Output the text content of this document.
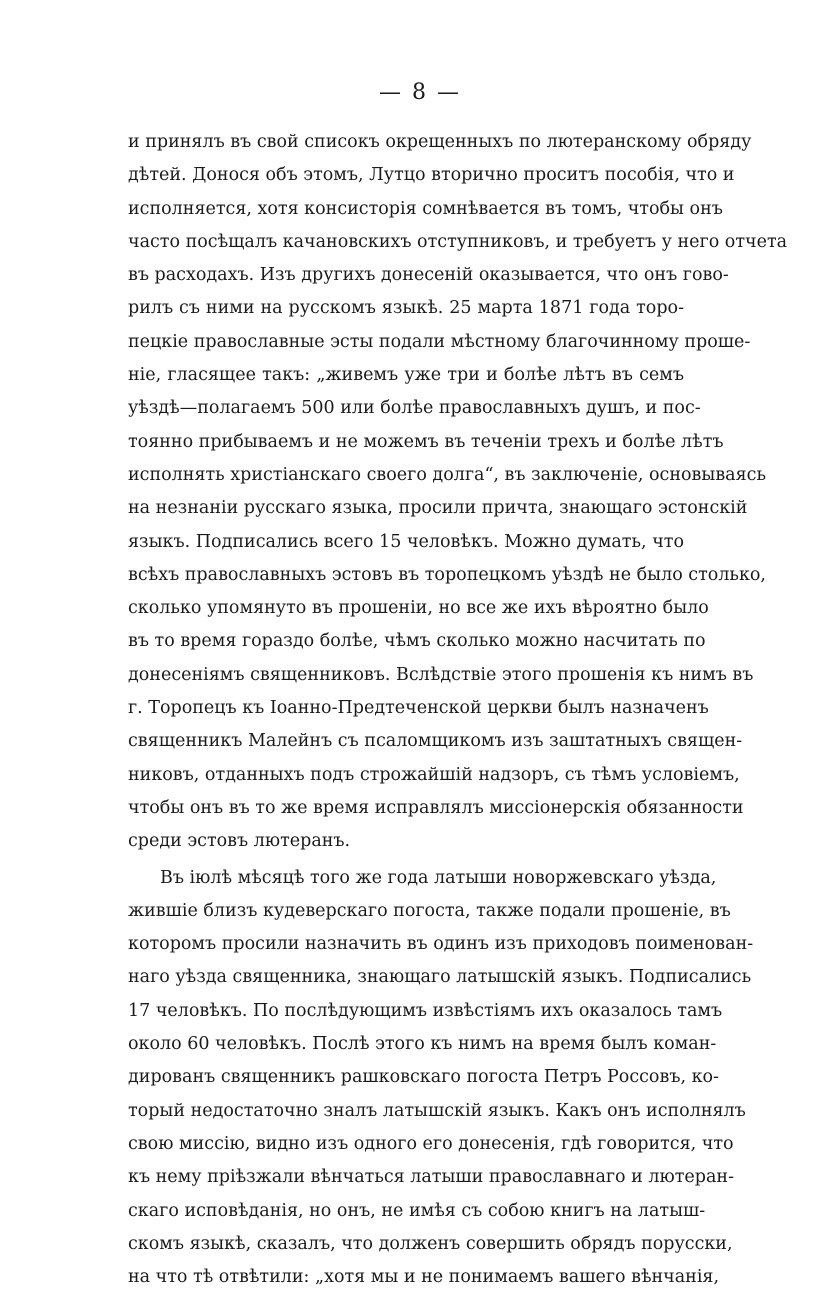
— 8 —
и принялъ въ свой списокъ окрещенныхъ по лютеранскому обряду
дѣтей. Донося объ этомъ, Лутцо вторично проситъ пособія, что и
исполняется, хотя консисторія сомнѣвается въ томъ, чтобы онъ
часто посѣщалъ качановскихъ отступниковъ, и требуетъ у него отчета
въ расходахъ. Изъ другихъ донесеній оказывается, что онъ гово-
рилъ съ ними на русскомъ языкѣ. 25 марта 1871 года торо-
пецкіе православные эсты подали мѣстному благочинному проше-
ніе, гласящее такъ: „живемъ уже три и болѣе лѣтъ въ семъ
уѣздѣ—полагаемъ 500 или болѣе православныхъ душъ, и пос-
тоянно прибываемъ и не можемъ въ теченіи трехъ и болѣе лѣтъ
исполнять христіанскаго своего долга“, въ заключеніе, основываясь
на незнаніи русскаго языка, просили причта, знающаго эстонскій
языкъ. Подписались всего 15 человѣкъ. Можно думать, что
всѣхъ православныхъ эстовъ въ торопецкомъ уѣздѣ не было столько,
сколько упомянуто въ прошеніи, но все же ихъ вѣроятно было
въ то время гораздо болѣе, чѣмъ сколько можно насчитать по
донесеніямъ священниковъ. Вслѣдствіе этого прошенія къ нимъ въ
г. Торопецъ къ Іоанно-Предтеченской церкви былъ назначенъ
священникъ Малейнъ съ псаломщикомъ изъ заштатныхъ священ-
никовъ, отданныхъ подъ строжайшій надзоръ, съ тѣмъ условіемъ,
чтобы онъ въ то же время исправлялъ миссіонерскія обязанности
среди эстовъ лютеранъ.
Въ іюлѣ мѣсяцѣ того же года латыши новоржевскаго уѣзда,
жившіе близъ кудеверскаго погоста, также подали прошеніе, въ
которомъ просили назначить въ одинъ изъ приходовъ поименован-
наго уѣзда священника, знающаго латышскій языкъ. Подписались
17 человѣкъ. По послѣдующимъ извѣстіямъ ихъ оказалось тамъ
около 60 человѣкъ. Послѣ этого къ нимъ на время былъ коман-
дированъ священникъ рашковскаго погоста Петръ Россовъ, ко-
торый недостаточно зналъ латышскій языкъ. Какъ онъ исполнялъ
свою миссію, видно изъ одного его донесенія, гдѣ говорится, что
къ нему пріѣзжали вѣнчаться латыши православнаго и лютеран-
скаго исповѣданія, но онъ, не имѣя съ собою книгъ на латыш-
скомъ языкѣ, сказалъ, что долженъ совершить обрядъ порусски,
на что тѣ отвѣтили: „хотя мы и не понимаемъ вашего вѣнчанія,
